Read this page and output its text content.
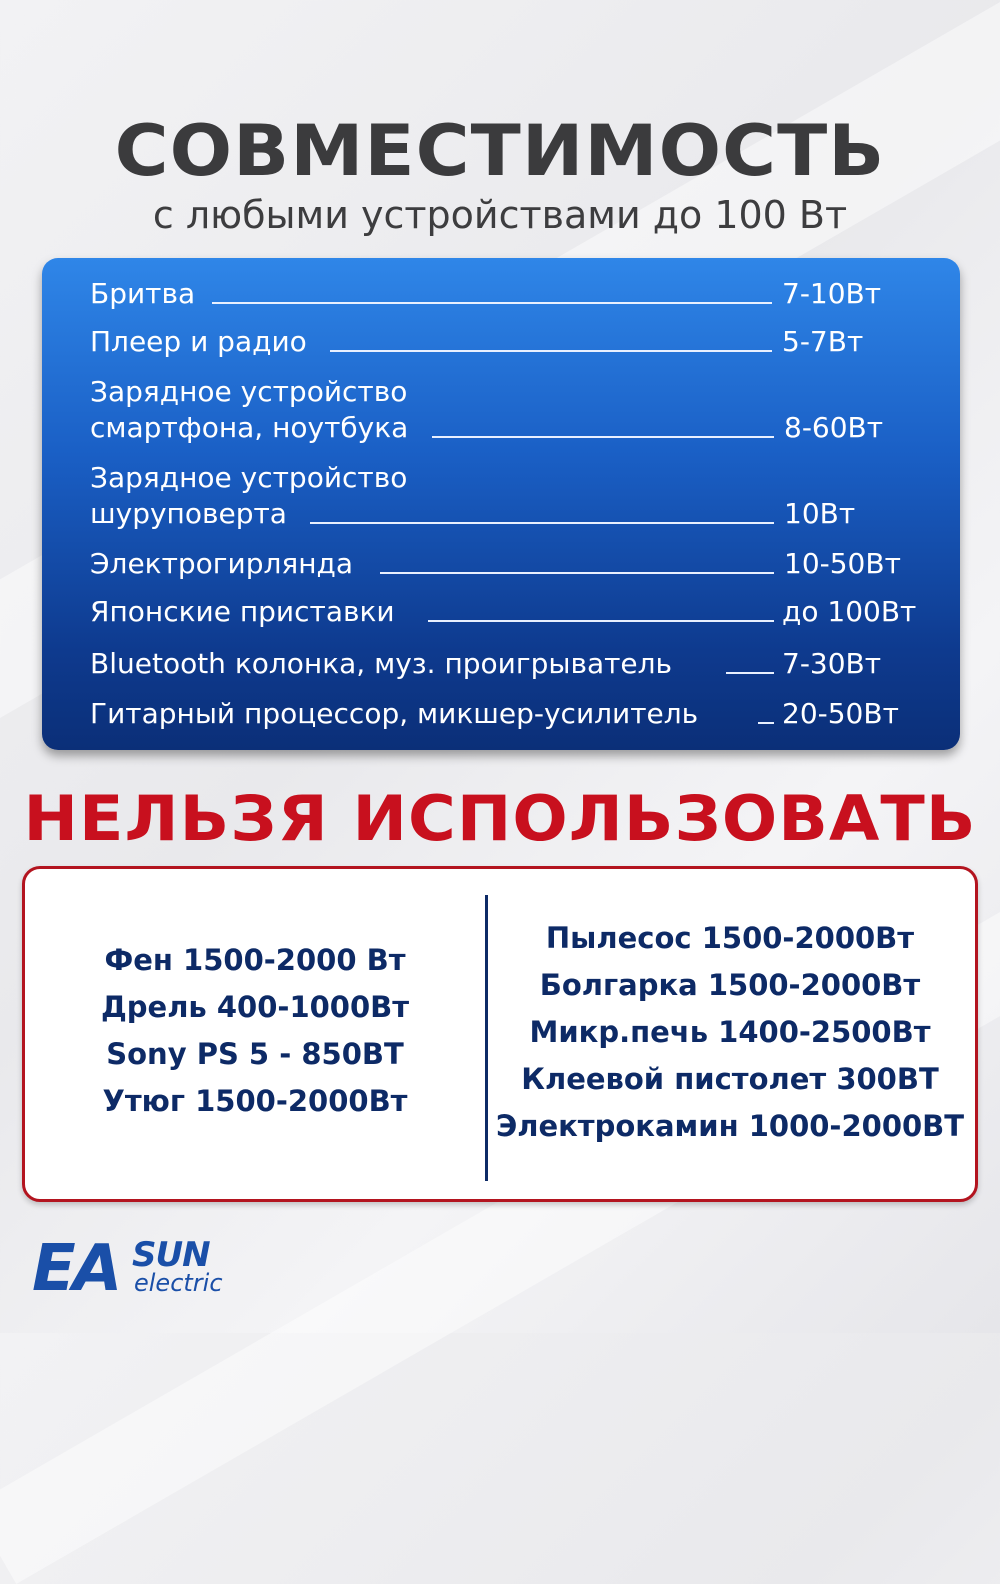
СОВМЕСТИМОСТЬ
с любыми устройствами до 100 Вт
Бритва	7-10Вт
Плеер и радио	5-7Вт
Зарядное устройство
смартфона, ноутбука	8-60Вт
Зарядное устройство
шуруповерта	10Вт
Электрогирлянда	10-50Вт
Японские приставки	до 100Вт
Bluetooth колонка, муз. проигрыватель	7-30Вт
Гитарный процессор, микшер-усилитель	20-50Вт
НЕЛЬЗЯ ИСПОЛЬЗОВАТЬ
Фен 1500-2000 Вт
Дрель 400-1000Вт
Sony PS 5 - 850ВТ
Утюг 1500-2000Вт
Пылесос 1500-2000Вт
Болгарка 1500-2000Вт
Микр.печь 1400-2500Вт
Клеевой пистолет 300ВТ
Электрокамин 1000-2000ВТ
EA SUN
electric
